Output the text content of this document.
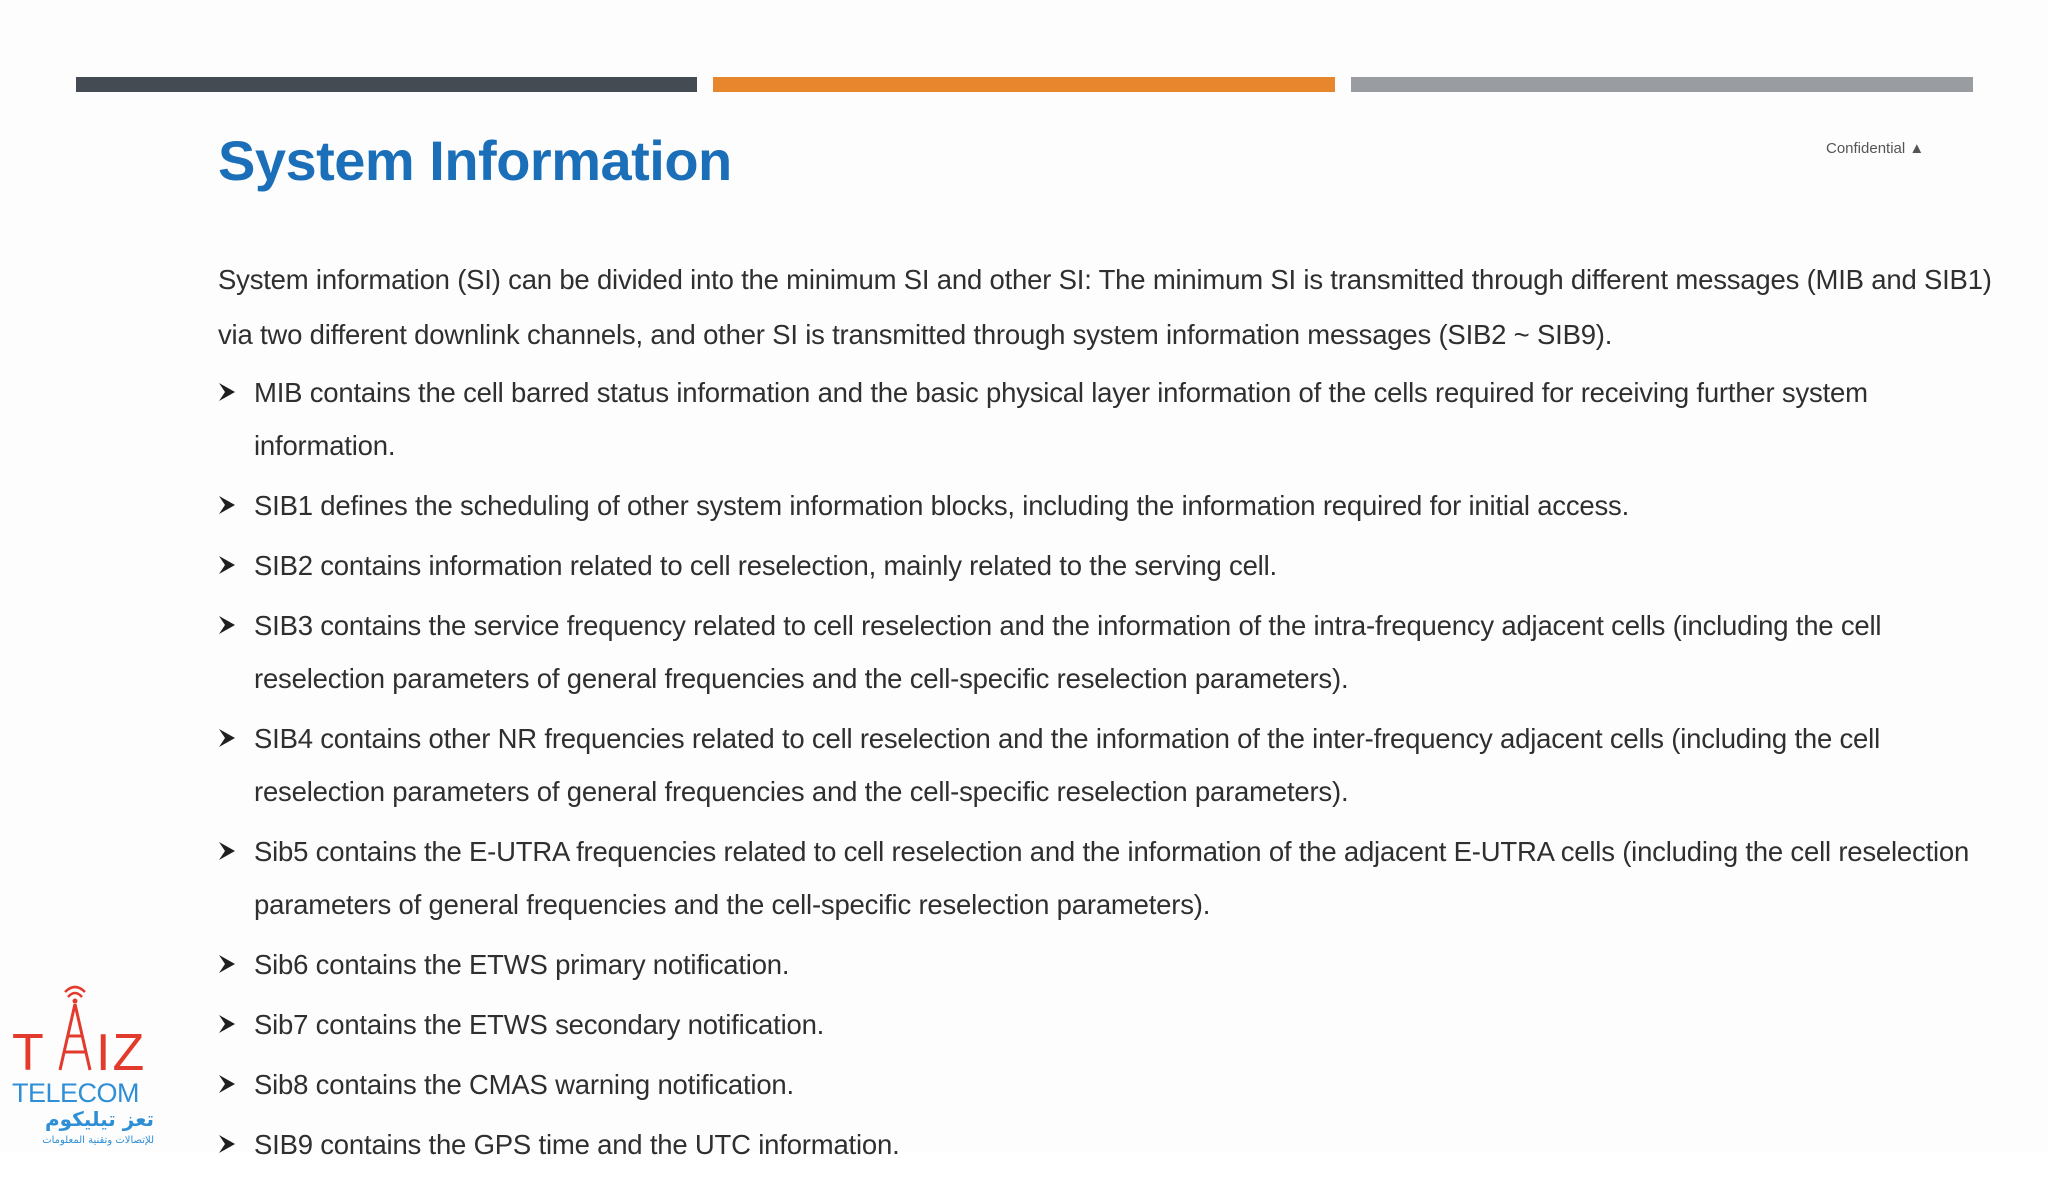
System Information	Confidential ▲

System information (SI) can be divided into the minimum SI and other SI: The minimum SI is transmitted through different messages (MIB and SIB1) via two different downlink channels, and other SI is transmitted through system information messages (SIB2 ~ SIB9).

MIB contains the cell barred status information and the basic physical layer information of the cells required for receiving further system information.
SIB1 defines the scheduling of other system information blocks, including the information required for initial access.
SIB2 contains information related to cell reselection, mainly related to the serving cell.
SIB3 contains the service frequency related to cell reselection and the information of the intra-frequency adjacent cells (including the cell reselection parameters of general frequencies and the cell-specific reselection parameters).
SIB4 contains other NR frequencies related to cell reselection and the information of the inter-frequency adjacent cells (including the cell reselection parameters of general frequencies and the cell-specific reselection parameters).
Sib5 contains the E-UTRA frequencies related to cell reselection and the information of the adjacent E-UTRA cells (including the cell reselection parameters of general frequencies and the cell-specific reselection parameters).
Sib6 contains the ETWS primary notification.
Sib7 contains the ETWS secondary notification.
Sib8 contains the CMAS warning notification.
SIB9 contains the GPS time and the UTC information.
T IZ
TELECOM
تعز تيليكوم
للإتصالات وتقنية المعلومات
